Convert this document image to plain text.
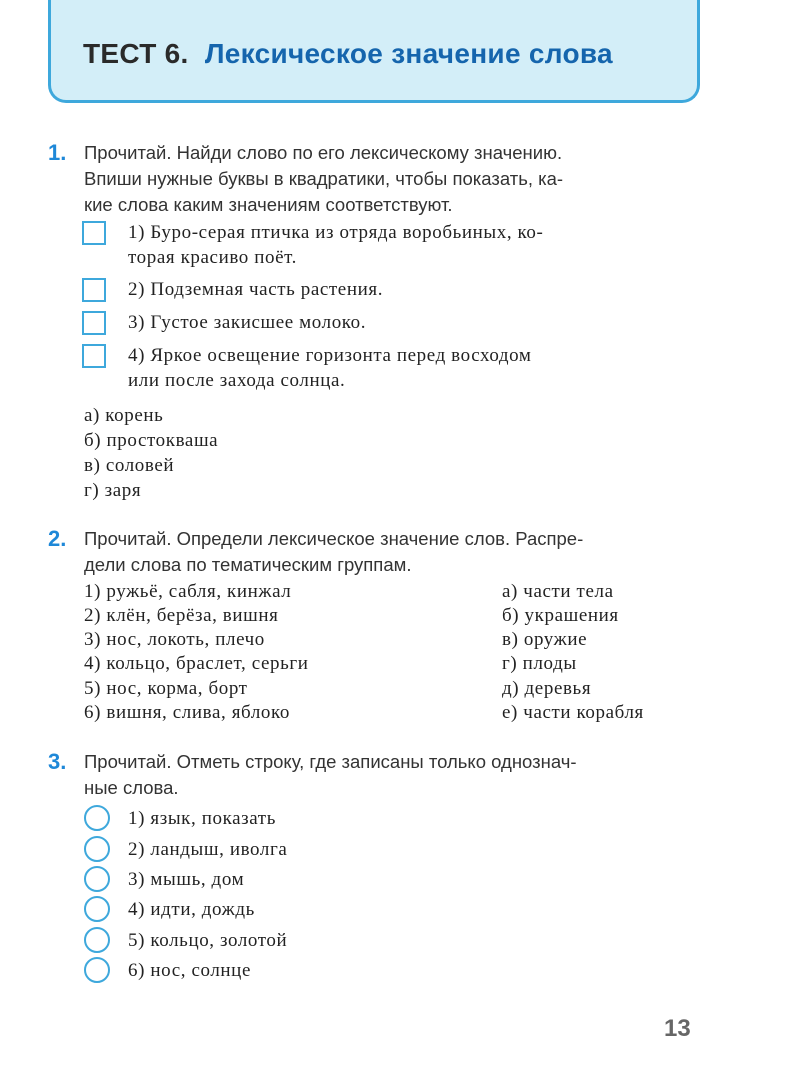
ТЕСТ 6. Лексическое значение слова
1. Прочитай. Найди слово по его лексическому значению.
Впиши нужные буквы в квадратики, чтобы показать, ка-
кие слова каким значениям соответствуют.
1) Буро-серая птичка из отряда воробьиных, ко-
торая красиво поёт.
2) Подземная часть растения.
3) Густое закисшее молоко.
4) Яркое освещение горизонта перед восходом
или после захода солнца.
а) корень
б) простокваша
в) соловей
г) заря
2. Прочитай. Определи лексическое значение слов. Распре-
дели слова по тематическим группам.
1) ружьё, сабля, кинжал
2) клён, берёза, вишня
3) нос, локоть, плечо
4) кольцо, браслет, серьги
5) нос, корма, борт
6) вишня, слива, яблоко
а) части тела
б) украшения
в) оружие
г) плоды
д) деревья
е) части корабля
3. Прочитай. Отметь строку, где записаны только однознач-
ные слова.
1) язык, показать
2) ландыш, иволга
3) мышь, дом
4) идти, дождь
5) кольцо, золотой
6) нос, солнце
13
